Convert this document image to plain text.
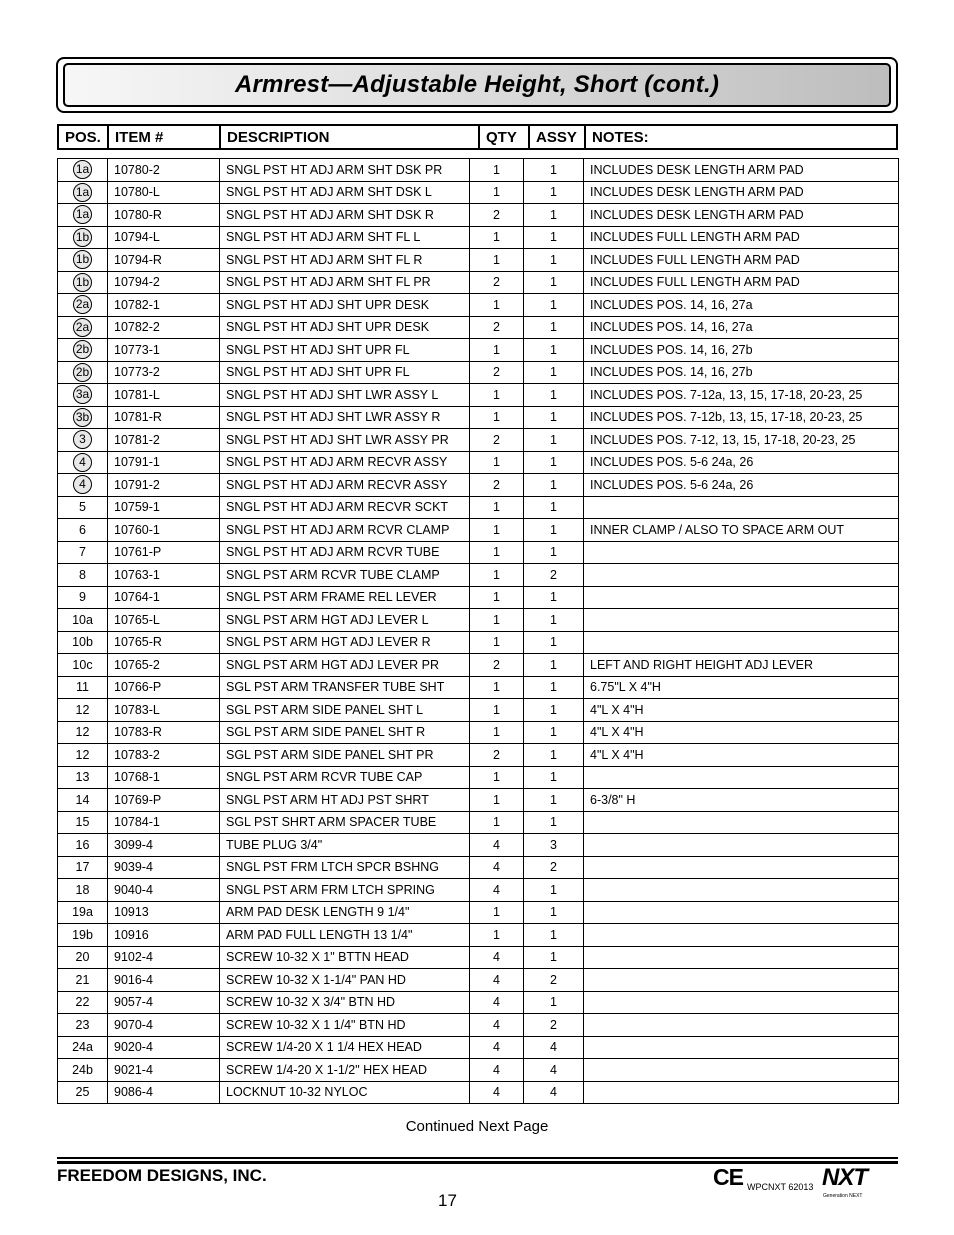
Armrest—Adjustable Height, Short (cont.)
POS. ITEM #	DESCRIPTION	QTY	ASSY	NOTES:
1a	10780-2	SNGL PST HT ADJ ARM SHT DSK PR	1	1	INCLUDES DESK LENGTH ARM PAD
1a	10780-L	SNGL PST HT ADJ ARM SHT DSK L	1	1	INCLUDES DESK LENGTH ARM PAD
1a	10780-R	SNGL PST HT ADJ ARM SHT DSK R	2	1	INCLUDES DESK LENGTH ARM PAD
1b	10794-L	SNGL PST HT ADJ ARM SHT FL L	1	1	INCLUDES FULL LENGTH ARM PAD
1b	10794-R	SNGL PST HT ADJ ARM SHT FL R	1	1	INCLUDES FULL LENGTH ARM PAD
1b	10794-2	SNGL PST HT ADJ ARM SHT FL PR	2	1	INCLUDES FULL LENGTH ARM PAD
2a	10782-1	SNGL PST HT ADJ SHT UPR DESK	1	1	INCLUDES POS. 14, 16, 27a
2a	10782-2	SNGL PST HT ADJ SHT UPR DESK	2	1	INCLUDES POS. 14, 16, 27a
2b	10773-1	SNGL PST HT ADJ SHT UPR FL	1	1	INCLUDES POS. 14, 16, 27b
2b	10773-2	SNGL PST HT ADJ SHT UPR FL	2	1	INCLUDES POS. 14, 16, 27b
3a	10781-L	SNGL PST HT ADJ SHT LWR ASSY L	1	1	INCLUDES POS. 7-12a, 13, 15, 17-18, 20-23, 25
3b	10781-R	SNGL PST HT ADJ SHT LWR ASSY R	1	1	INCLUDES POS. 7-12b, 13, 15, 17-18, 20-23, 25
3	10781-2	SNGL PST HT ADJ SHT LWR ASSY PR	2	1	INCLUDES POS. 7-12, 13, 15, 17-18, 20-23, 25
4	10791-1	SNGL PST HT ADJ ARM RECVR ASSY	1	1	INCLUDES POS. 5-6 24a, 26
4	10791-2	SNGL PST HT ADJ ARM RECVR ASSY	2	1	INCLUDES POS. 5-6 24a, 26
5	10759-1	SNGL PST HT ADJ ARM RECVR SCKT	1	1	
6	10760-1	SNGL PST HT ADJ ARM RCVR CLAMP	1	1	INNER CLAMP / ALSO TO SPACE ARM OUT
7	10761-P	SNGL PST HT ADJ ARM RCVR TUBE	1	1	
8	10763-1	SNGL PST ARM RCVR TUBE CLAMP	1	2	
9	10764-1	SNGL PST ARM FRAME REL LEVER	1	1	
10a	10765-L	SNGL PST ARM HGT ADJ LEVER L	1	1	
10b	10765-R	SNGL PST ARM HGT ADJ LEVER R	1	1	
10c	10765-2	SNGL PST ARM HGT ADJ LEVER PR	2	1	LEFT AND RIGHT HEIGHT ADJ LEVER
11	10766-P	SGL PST ARM TRANSFER TUBE SHT	1	1	6.75"L X 4"H
12	10783-L	SGL PST ARM SIDE PANEL SHT L	1	1	4"L X 4"H
12	10783-R	SGL PST ARM SIDE PANEL SHT R	1	1	4"L X 4"H
12	10783-2	SGL PST ARM SIDE PANEL SHT PR	2	1	4"L X 4"H
13	10768-1	SNGL PST ARM RCVR TUBE CAP	1	1	
14	10769-P	SNGL PST ARM HT ADJ PST SHRT	1	1	6-3/8" H
15	10784-1	SGL PST SHRT ARM SPACER TUBE	1	1	
16	3099-4	TUBE PLUG 3/4"	4	3	
17	9039-4	SNGL PST FRM LTCH SPCR BSHNG	4	2	
18	9040-4	SNGL PST ARM FRM LTCH SPRING	4	1	
19a	10913	ARM PAD DESK LENGTH 9 1/4"	1	1	
19b	10916	ARM PAD FULL LENGTH 13 1/4"	1	1	
20	9102-4	SCREW 10-32 X 1" BTTN HEAD	4	1	
21	9016-4	SCREW 10-32 X 1-1/4" PAN HD	4	2	
22	9057-4	SCREW 10-32 X 3/4" BTN HD	4	1	
23	9070-4	SCREW 10-32 X 1 1/4" BTN HD	4	2	
24a	9020-4	SCREW 1/4-20 X 1 1/4 HEX HEAD	4	4	
24b	9021-4	SCREW 1/4-20 X 1-1/2" HEX HEAD	4	4	
25	9086-4	LOCKNUT 10-32 NYLOC	4	4	
Continued Next Page
FREEDOM DESIGNS, INC.
17
CE WPCNXT 62013 NXT
Generation NEXT
